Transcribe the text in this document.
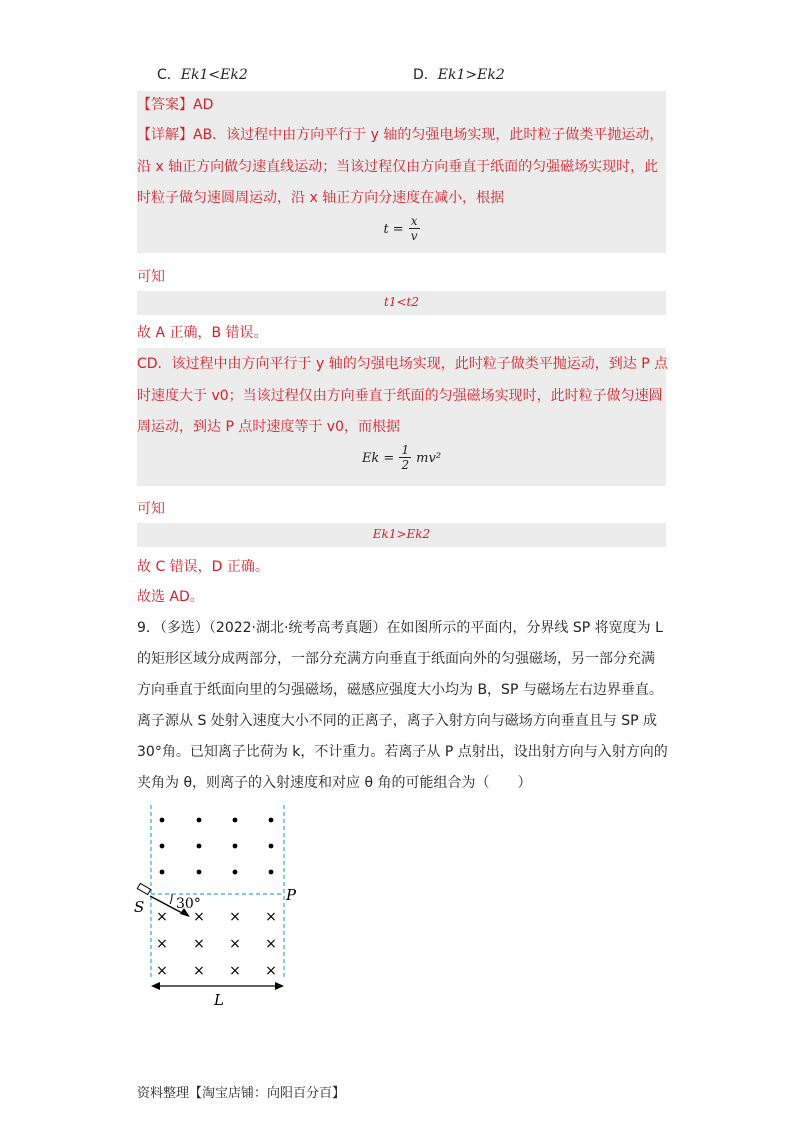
C．Ek1<Ek2	D．Ek1>Ek2
【答案】AD
【详解】AB．该过程中由方向平行于 y 轴的匀强电场实现，此时粒子做类平抛运动，
沿 x 轴正方向做匀速直线运动；当该过程仅由方向垂直于纸面的匀强磁场实现时，此
时粒子做匀速圆周运动，沿 x 轴正方向分速度在减小，根据
$t = \frac{x}{v}$
可知
t1<t2
故 A 正确，B 错误。
CD．该过程中由方向平行于 y 轴的匀强电场实现，此时粒子做类平抛运动，到达 P 点
时速度大于 v0；当该过程仅由方向垂直于纸面的匀强磁场实现时，此时粒子做匀速圆
周运动，到达 P 点时速度等于 v0，而根据
$Ek = \frac{1}{2} mv^2$
可知
Ek1>Ek2
故 C 错误，D 正确。
故选 AD。
9．（多选）（2022·湖北·统考高考真题）在如图所示的平面内，分界线 SP 将宽度为 L
的矩形区域分成两部分，一部分充满方向垂直于纸面向外的匀强磁场，另一部分充满
方向垂直于纸面向里的匀强磁场，磁感应强度大小均为 B，SP 与磁场左右边界垂直。
离子源从 S 处射入速度大小不同的正离子，离子入射方向与磁场方向垂直且与 SP 成
30°角。已知离子比荷为 k，不计重力。若离子从 P 点射出，设出射方向与入射方向的
夹角为 θ，则离子的入射速度和对应 θ 角的可能组合为（　　）
× × × ×
× × × ×
× × × ×
30°
S
P
L
资料整理【淘宝店铺：向阳百分百】
